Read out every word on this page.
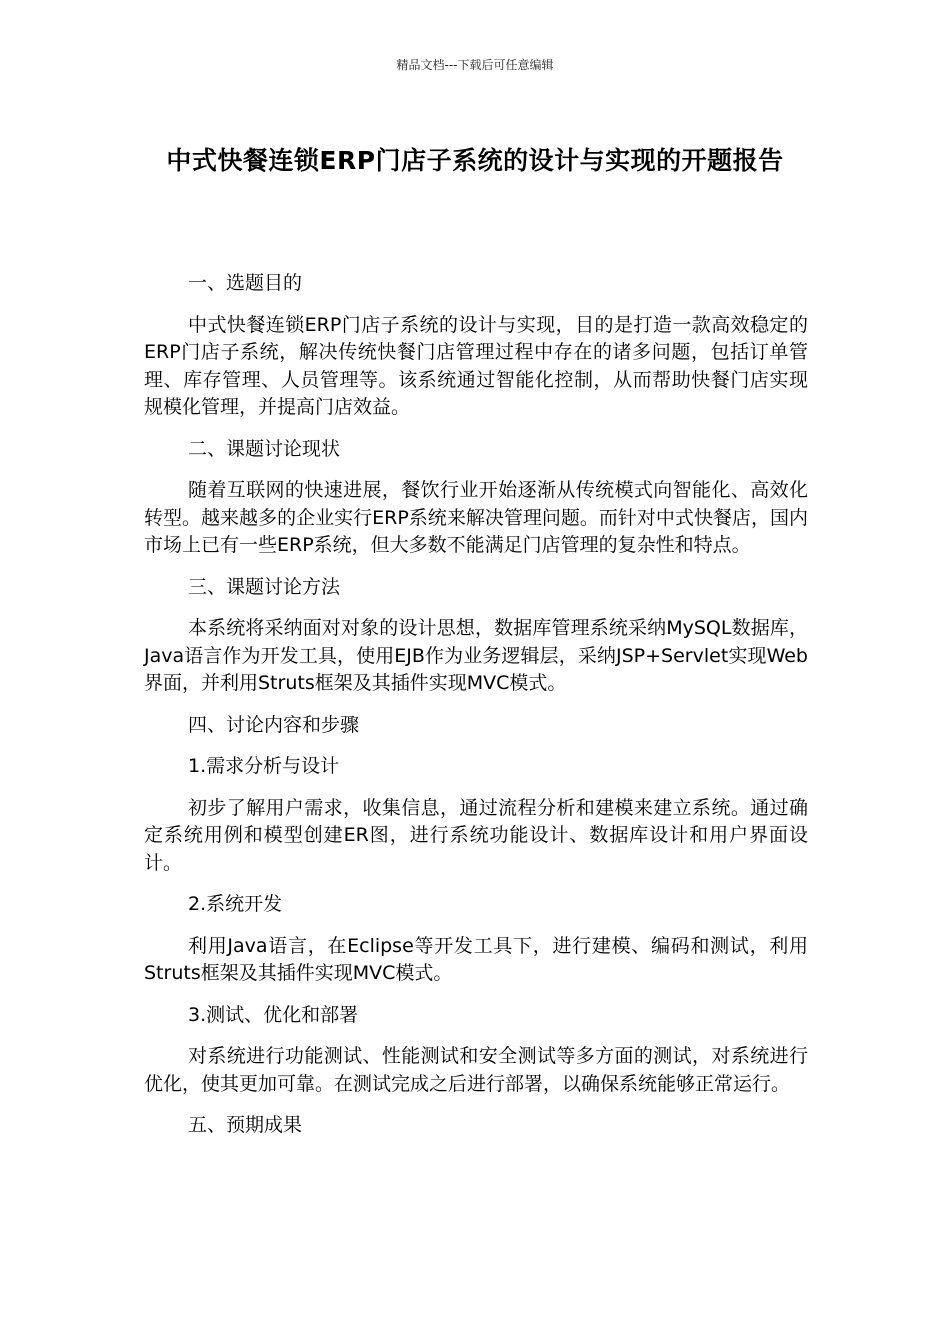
精品文档---下载后可任意编辑
中式快餐连锁ERP门店子系统的设计与实现的开题报告

一、选题目的

中式快餐连锁ERP门店子系统的设计与实现，目的是打造一款高效稳定的ERP门店子系统，解决传统快餐门店管理过程中存在的诸多问题，包括订单管理、库存管理、人员管理等。该系统通过智能化控制，从而帮助快餐门店实现规模化管理，并提高门店效益。

二、课题讨论现状

随着互联网的快速进展，餐饮行业开始逐渐从传统模式向智能化、高效化转型。越来越多的企业实行ERP系统来解决管理问题。而针对中式快餐店，国内市场上已有一些ERP系统，但大多数不能满足门店管理的复杂性和特点。

三、课题讨论方法

本系统将采纳面对对象的设计思想，数据库管理系统采纳MySQL数据库，Java语言作为开发工具，使用EJB作为业务逻辑层，采纳JSP+Servlet实现Web界面，并利用Struts框架及其插件实现MVC模式。

四、讨论内容和步骤

1.需求分析与设计

初步了解用户需求，收集信息，通过流程分析和建模来建立系统。通过确定系统用例和模型创建ER图，进行系统功能设计、数据库设计和用户界面设计。

2.系统开发

利用Java语言，在Eclipse等开发工具下，进行建模、编码和测试，利用Struts框架及其插件实现MVC模式。

3.测试、优化和部署

对系统进行功能测试、性能测试和安全测试等多方面的测试，对系统进行优化，使其更加可靠。在测试完成之后进行部署，以确保系统能够正常运行。

五、预期成果
